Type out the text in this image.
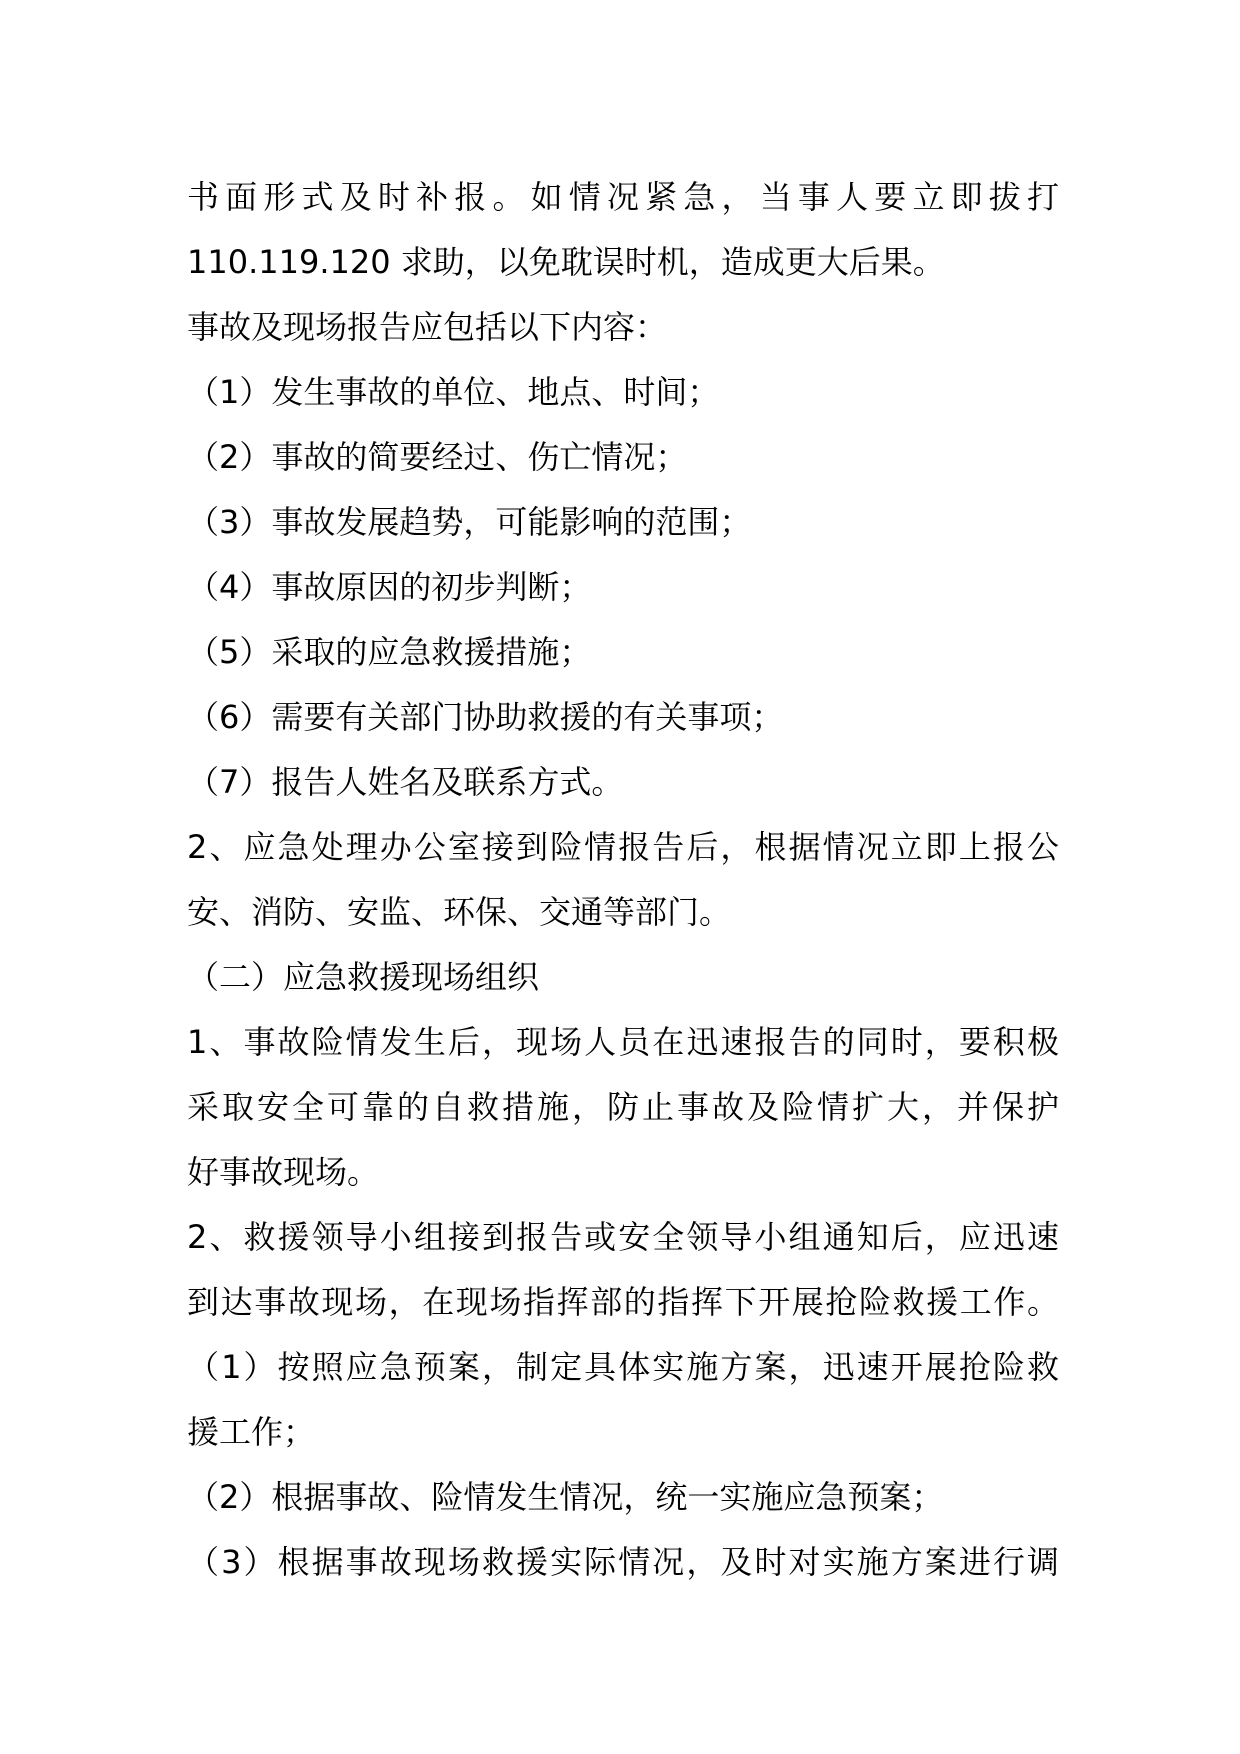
书面形式及时补报。如情况紧急，当事人要立即拔打
110.119.120 求助，以免耽误时机，造成更大后果。
事故及现场报告应包括以下内容：
（1）发生事故的单位、地点、时间；
（2）事故的简要经过、伤亡情况；
（3）事故发展趋势，可能影响的范围；
（4）事故原因的初步判断；
（5）采取的应急救援措施；
（6）需要有关部门协助救援的有关事项；
（7）报告人姓名及联系方式。
2、应急处理办公室接到险情报告后，根据情况立即上报公
安、消防、安监、环保、交通等部门。
（二）应急救援现场组织
1、事故险情发生后，现场人员在迅速报告的同时，要积极
采取安全可靠的自救措施，防止事故及险情扩大，并保护
好事故现场。
2、救援领导小组接到报告或安全领导小组通知后，应迅速
到达事故现场，在现场指挥部的指挥下开展抢险救援工作。
（1）按照应急预案，制定具体实施方案，迅速开展抢险救
援工作；
（2）根据事故、险情发生情况，统一实施应急预案；
（3）根据事故现场救援实际情况，及时对实施方案进行调
